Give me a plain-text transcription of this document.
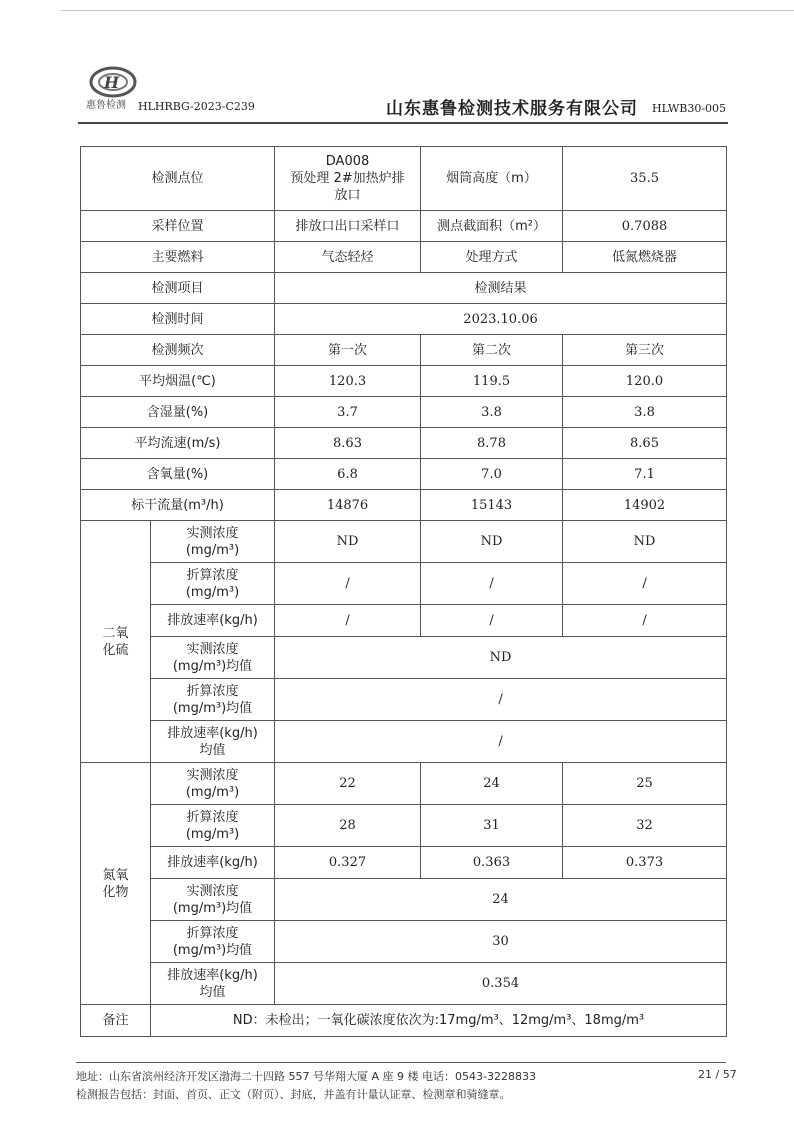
H
惠鲁检测 HLHRBG-2023-C239	山东惠鲁检测技术服务有限公司 HLWB30-005
检测点位		DA008
预处理 2#加热炉排
放口	烟筒高度（m）	35.5
采样位置		排放口出口采样口	测点截面积（m²）	0.7088
主要燃料		气态轻烃	处理方式	低氮燃烧器
检测项目		检测结果		
检测时间		2023.10.06		
检测频次		第一次	第二次	第三次
平均烟温(℃)		120.3	119.5	120.0
含湿量(%)		3.7	3.8	3.8
平均流速(m/s)		8.63	8.78	8.65
含氧量(%)		6.8	7.0	7.1
标干流量(m³/h)		14876	15143	14902
二氧
化硫	实测浓度
(mg/m³)	ND	ND	ND
	折算浓度
(mg/m³)	/	/	/
	排放速率(kg/h)	/	/	/
	实测浓度
(mg/m³)均值	ND		
	折算浓度
(mg/m³)均值	/		
	排放速率(kg/h)
均值	/		
氮氧
化物	实测浓度
(mg/m³)	22	24	25
	折算浓度
(mg/m³)	28	31	32
	排放速率(kg/h)	0.327	0.363	0.373
	实测浓度
(mg/m³)均值	24		
	折算浓度
(mg/m³)均值	30		
	排放速率(kg/h)
均值	0.354		
备注	ND：未检出；一氧化碳浓度依次为:17mg/m³、12mg/m³、18mg/m³			
地址：山东省滨州经济开发区渤海二十四路 557 号华翔大厦 A 座 9 楼 电话：0543-3228833
检测报告包括：封面、首页、正文（附页）、封底，并盖有计量认证章、检测章和骑缝章。
21 / 57
